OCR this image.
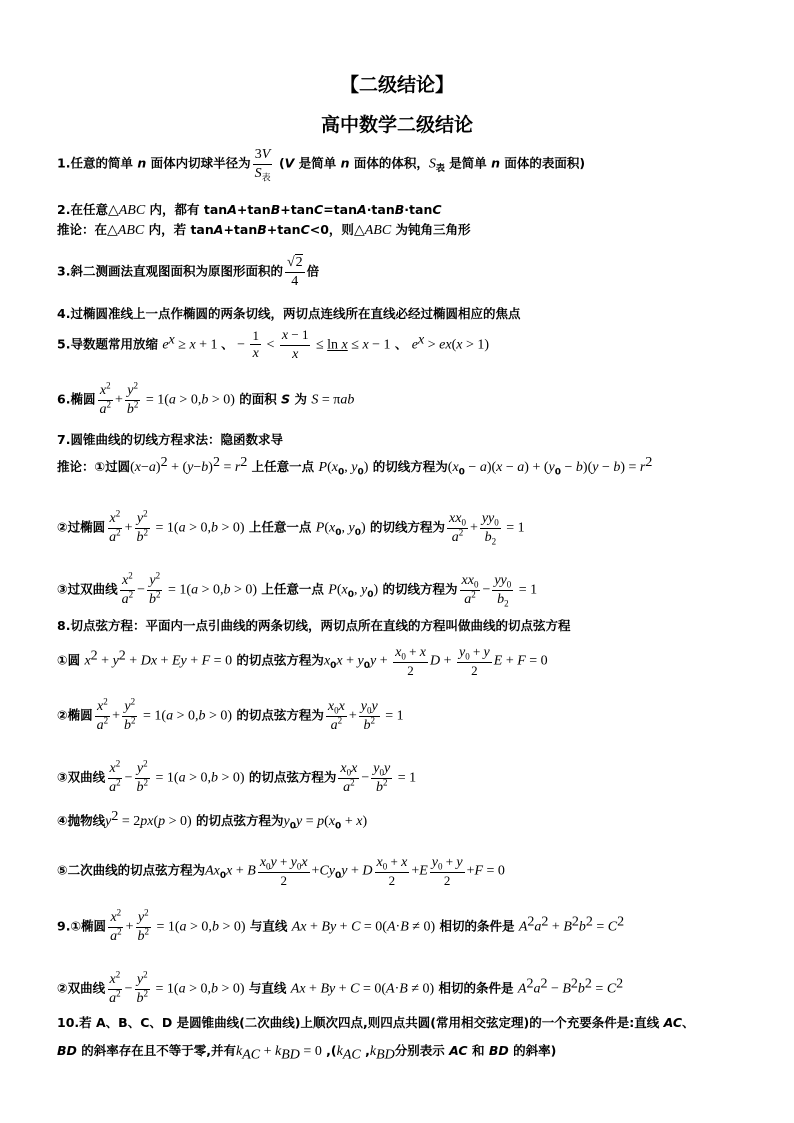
【二级结论】
高中数学二级结论
1.任意的简单 n 面体内切球半径为 $\frac{3V}{S_表} (V$ 是简单 n 面体的体积，$S_表$ 是简单 n 面体的表面积)
2.在任意△ABC 内，都有 tanA+tanB+tanC=tanA·tanB·tanC
推论：在△ABC 内，若 tanA+tanB+tanC<0，则△ABC 为钝角三角形
3.斜二测画法直观图面积为原图形面积的 $\frac{√2}{4}$ 倍
4.过椭圆准线上一点作椭圆的两条切线，两切点连线所在直线必经过椭圆相应的焦点
5.导数题常用放缩 $e^x \ge x + 1$ 、 − $\frac{1}{x} < \frac{x - 1}{x} \le \ln x \le x - 1$ 、 $e^x > ex(x > 1)$
6.椭圆 $\frac{x^2}{a^2} + \frac{y^2}{b^2} = 1(a > 0,b > 0)$ 的面积 S 为 S = πab
7.圆锥曲线的切线方程求法：隐函数求导
推论：①过圆$(x-a)^2 + (y-b)^2 = r^2$ 上任意一点 $P(x_0$, $y_0$) 的切线方程为$(x_0 - a)(x - a) + (y_0 - b)(y - b) = r^2$
②过椭圆 $\frac{x^2}{a^2} + \frac{y^2}{b^2} = 1(a > 0,b > 0)$ 上任意一点 $P(x_0$, $y_0$) 的切线方程为 $\frac{xx_0}{a^2} + \frac{yy_0}{b_2} = 1$
③过双曲线 $\frac{x^2}{a^2} - \frac{y^2}{b^2} = 1(a > 0,b > 0)$ 上任意一点 $P(x_0$, $y_0$) 的切线方程为 $\frac{xx_0}{a^2} - \frac{yy_0}{b_2} = 1$
8.切点弦方程：平面内一点引曲线的两条切线，两切点所在直线的方程叫做曲线的切点弦方程
①圆 $x^2 + y^2 + Dx + Ey + F = 0$ 的切点弦方程为$x_0x + y_0y + \frac{x_0 + x}{2}$ $D + \frac{y_0 + y}{2}$ E + F = 0
②椭圆 $\frac{x^2}{a^2} + \frac{y^2}{b^2} = 1(a > 0,b > 0)$ 的切点弦方程为 $\frac{x_0x}{a^2} + \frac{y_0y}{b^2} = 1$
③双曲线 $\frac{x^2}{a^2} - \frac{y^2}{b^2} = 1(a > 0,b > 0)$ 的切点弦方程为 $\frac{x_0x}{a^2} - \frac{y_0y}{b^2} = 1$
④抛物线$y^2 = 2px(p > 0)$ 的切点弦方程为$y_0y = p(x_0 + x)$
⑤二次曲线的切点弦方程为$Ax_0x + B \frac{x_0y + y_0x}{2} +Cy_0y + D \frac{x_0 + x}{2} +E \frac{y_0 + y}{2} +F = 0$
9.①椭圆 $\frac{x^2}{a^2} + \frac{y^2}{b^2} = 1(a > 0,b > 0)$ 与直线 Ax + By + C = 0(A·B ≠ 0) 相切的条件是 $A^2a^2 + B^2b^2 = C^2$
②双曲线 $\frac{x^2}{a^2} - \frac{y^2}{b^2} = 1(a > 0,b > 0)$ 与直线 Ax + By + C = 0(A·B ≠ 0) 相切的条件是 $A^2a^2 - B^2b^2 = C^2$
10.若 A、B、C、D 是圆锥曲线(二次曲线)上顺次四点,则四点共圆(常用相交弦定理)的一个充要条件是:直线 AC、
BD 的斜率存在且不等于零,并有$k_{AC} + k_{BD} = 0$ $,(k_{AC}$ $,k_{BD}$分别表示 AC 和 BD 的斜率)
